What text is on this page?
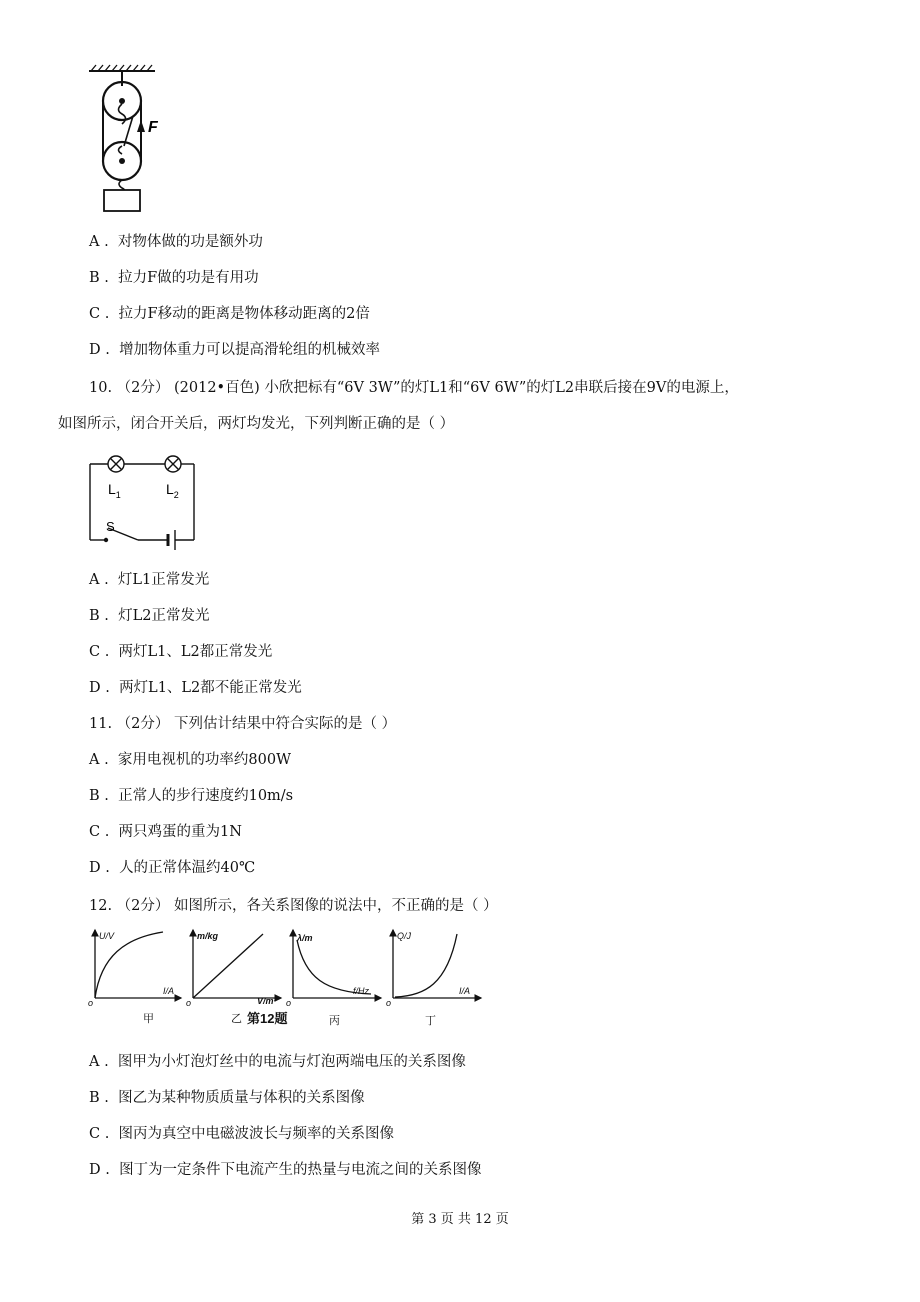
F
A . 对物体做的功是额外功
B . 拉力F做的功是有用功
C . 拉力F移动的距离是物体移动距离的2倍
D . 增加物体重力可以提高滑轮组的机械效率
10. （2分） (2012•百色) 小欣把标有“6V 3W”的灯L1和“6V 6W”的灯L2串联后接在9V的电源上，
如图所示，闭合开关后，两灯均发光，下列判断正确的是（ ）
$L_1$	$L_2$
S
A . 灯L1正常发光
B . 灯L2正常发光
C . 两灯L1、L2都正常发光
D . 两灯L1、L2都不能正常发光
11. （2分） 下列估计结果中符合实际的是（ ）
A . 家用电视机的功率约800W
B . 正常人的步行速度约10m/s
C . 两只鸡蛋的重为1N
D . 人的正常体温约40℃
12. （2分） 如图所示，各关系图像的说法中，不正确的是（ ）
U/V
I/A
o
m/kg
V/m³
o
λ/m
f/Hz
o
Q/J
I/A
o
甲	乙 第12题	丙	丁
A . 图甲为小灯泡灯丝中的电流与灯泡两端电压的关系图像
B . 图乙为某种物质质量与体积的关系图像
C . 图丙为真空中电磁波波长与频率的关系图像
D . 图丁为一定条件下电流产生的热量与电流之间的关系图像
第 3 页 共 12 页
